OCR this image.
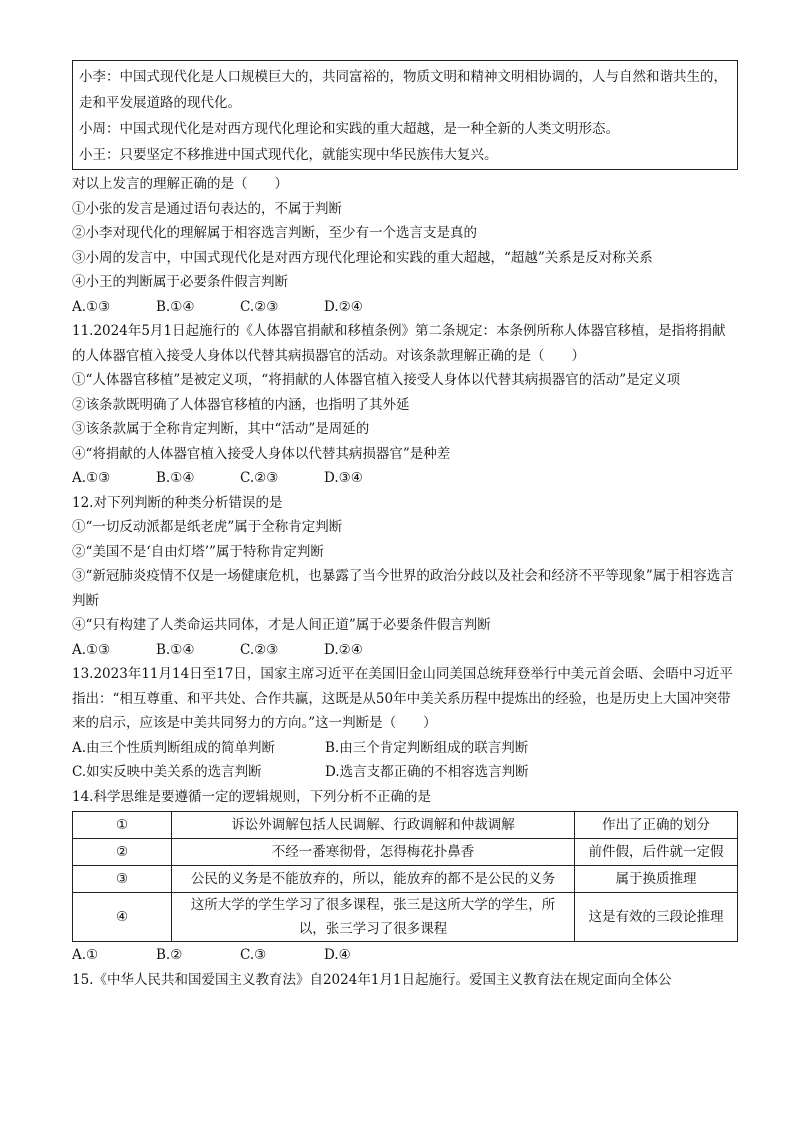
小李：中国式现代化是人口规模巨大的，共同富裕的，物质文明和精神文明相协调的，人与自然和谐共生的，走和平发展道路的现代化。

小周：中国式现代化是对西方现代化理论和实践的重大超越，是一种全新的人类文明形态。

小王：只要坚定不移推进中国式现代化，就能实现中华民族伟大复兴。

对以上发言的理解正确的是（　　）

①小张的发言是通过语句表达的，不属于判断

②小李对现代化的理解属于相容选言判断，至少有一个选言支是真的

③小周的发言中，中国式现代化是对西方现代化理论和实践的重大超越，“超越”关系是反对称关系

④小王的判断属于必要条件假言判断

A.①③	B.①④	C.②③	D.②④

11.2024年5月1日起施行的《人体器官捐献和移植条例》第二条规定：本条例所称人体器官移植，是指将捐献的人体器官植入接受人身体以代替其病损器官的活动。对该条款理解正确的是（　　）

①“人体器官移植”是被定义项，“将捐献的人体器官植入接受人身体以代替其病损器官的活动”是定义项

②该条款既明确了人体器官移植的内涵，也指明了其外延

③该条款属于全称肯定判断，其中“活动”是周延的

④“将捐献的人体器官植入接受人身体以代替其病损器官”是种差

A.①③	B.①④	C.②③	D.③④

12.对下列判断的种类分析错误的是

①“一切反动派都是纸老虎”属于全称肯定判断

②“美国不是‘自由灯塔’”属于特称肯定判断

③“新冠肺炎疫情不仅是一场健康危机，也暴露了当今世界的政治分歧以及社会和经济不平等现象”属于相容选言判断

④“只有构建了人类命运共同体，才是人间正道”属于必要条件假言判断

A.①③	B.①④	C.②③	D.②④

13.2023年11月14日至17日，国家主席习近平在美国旧金山同美国总统拜登举行中美元首会晤、会晤中习近平指出：“相互尊重、和平共处、合作共赢，这既是从50年中美关系历程中提炼出的经验，也是历史上大国冲突带来的启示，应该是中美共同努力的方向。”这一判断是（　　）

A.由三个性质判断组成的简单判断	B.由三个肯定判断组成的联言判断
C.如实反映中美关系的选言判断	D.选言支都正确的不相容选言判断

14.科学思维是要遵循一定的逻辑规则，下列分析不正确的是

①	诉讼外调解包括人民调解、行政调解和仲裁调解	作出了正确的划分
②	不经一番寒彻骨，怎得梅花扑鼻香	前件假，后件就一定假
③	公民的义务是不能放弃的，所以，能放弃的都不是公民的义务	属于换质推理
④	这所大学的学生学习了很多课程，张三是这所大学的学生，所以，张三学习了很多课程	这是有效的三段论推理
A.①	B.②	C.③	D.④

15.《中华人民共和国爱国主义教育法》自2024年1月1日起施行。爱国主义教育法在规定面向全体公
